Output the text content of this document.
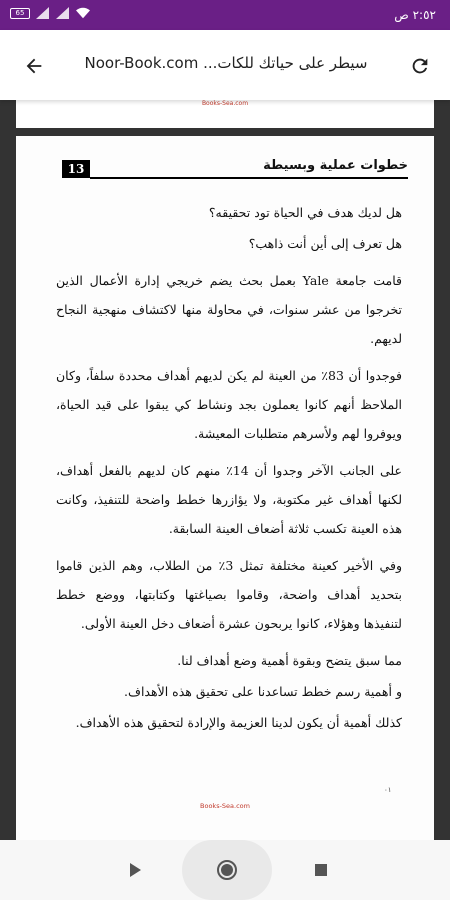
65	٢:٥٢ ص
سيطر على حياتك للكات... Noor-Book.com
Books-Sea.com
13	خطوات عملية وبسيطة

هل لديك هدف في الحياة تود تحقيقه؟

هل تعرف إلى أين أنت ذاهب؟

قامت جامعة Yale بعمل بحث يضم خريجي إدارة الأعمال الذين تخرجوا من عشر سنوات، في محاولة منها لاكتشاف منهجية النجاح لديهم.

فوجدوا أن 83٪ من العينة لم يكن لديهم أهداف محددة سلفاً، وكان الملاحظ أنهم كانوا يعملون بجد ونشاط كي يبقوا على قيد الحياة، ويوفروا لهم ولأسرهم متطلبات المعيشة.

على الجانب الآخر وجدوا أن 14٪ منهم كان لديهم بالفعل أهداف، لكنها أهداف غير مكتوبة، ولا يؤازرها خطط واضحة للتنفيذ، وكانت هذه العينة تكسب ثلاثة أضعاف العينة السابقة.

وفي الأخير كعينة مختلفة تمثل 3٪ من الطلاب، وهم الذين قاموا بتحديد أهداف واضحة، وقاموا بصياغتها وكتابتها، ووضع خطط لتنفيذها وهؤلاء، كانوا يربحون عشرة أضعاف دخل العينة الأولى.

مما سبق يتضح وبقوة أهمية وضع أهداف لنا.

و أهمية رسم خطط تساعدنا على تحقيق هذه الأهداف.

كذلك أهمية أن يكون لدينا العزيمة والإرادة لتحقيق هذه الأهداف.

٠١
Books-Sea.com
